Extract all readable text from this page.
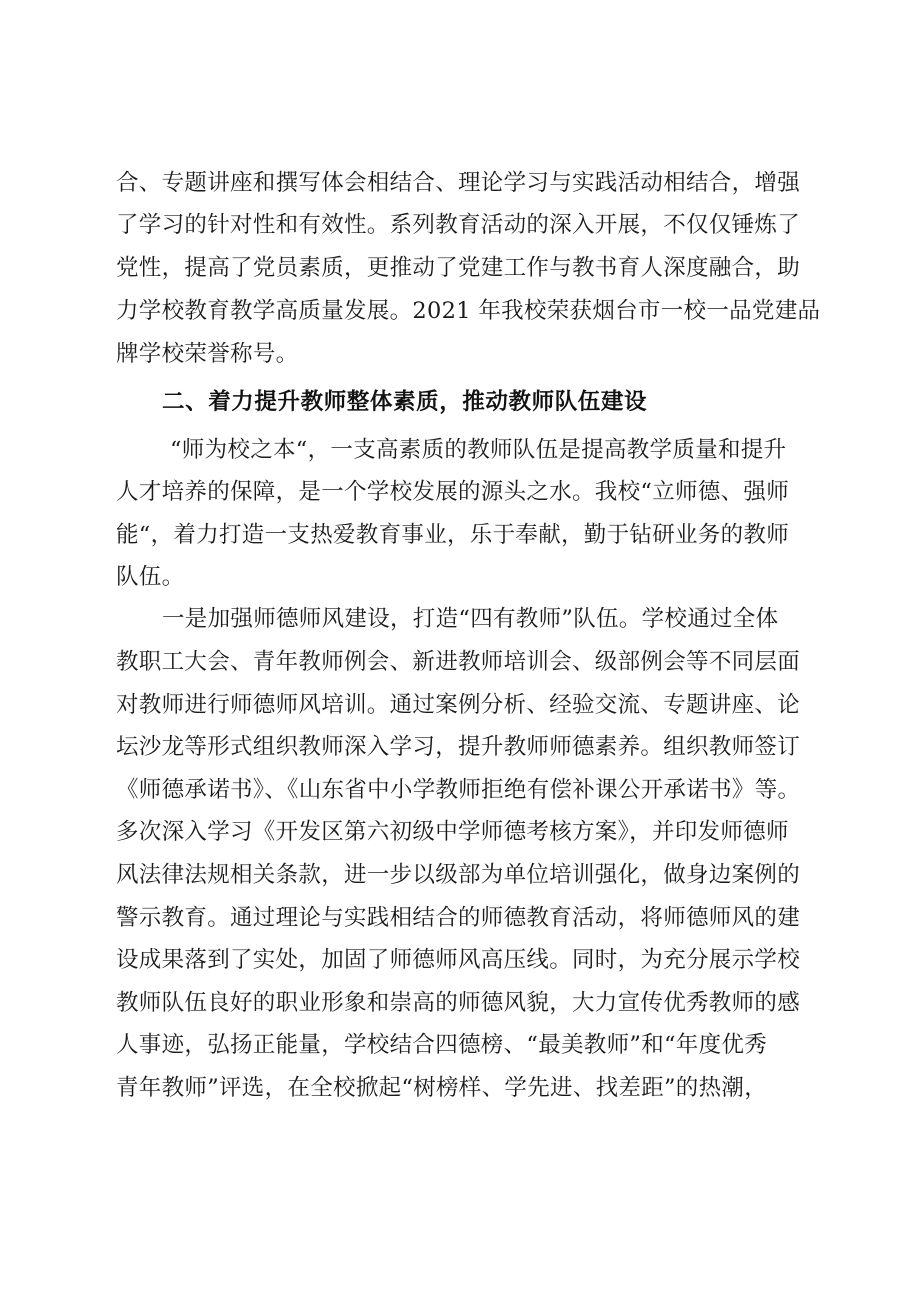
合、专题讲座和撰写体会相结合、理论学习与实践活动相结合，增强
了学习的针对性和有效性。系列教育活动的深入开展，不仅仅锤炼了
党性，提高了党员素质，更推动了党建工作与教书育人深度融合，助
力学校教育教学高质量发展。2021 年我校荣获烟台市一校一品党建品
牌学校荣誉称号。
二、着力提升教师整体素质，推动教师队伍建设
“师为校之本“，一支高素质的教师队伍是提高教学质量和提升
人才培养的保障，是一个学校发展的源头之水。我校“立师德、强师
能“，着力打造一支热爱教育事业，乐于奉献，勤于钻研业务的教师
队伍。
一是加强师德师风建设，打造“四有教师”队伍。学校通过全体
教职工大会、青年教师例会、新进教师培训会、级部例会等不同层面
对教师进行师德师风培训。通过案例分析、经验交流、专题讲座、论
坛沙龙等形式组织教师深入学习，提升教师师德素养。组织教师签订
《师德承诺书》、《山东省中小学教师拒绝有偿补课公开承诺书》等。
多次深入学习《开发区第六初级中学师德考核方案》，并印发师德师
风法律法规相关条款，进一步以级部为单位培训强化，做身边案例的
警示教育。通过理论与实践相结合的师德教育活动，将师德师风的建
设成果落到了实处，加固了师德师风高压线。同时，为充分展示学校
教师队伍良好的职业形象和崇高的师德风貌，大力宣传优秀教师的感
人事迹，弘扬正能量，学校结合四德榜、“最美教师”和“年度优秀
青年教师”评选，在全校掀起“树榜样、学先进、找差距”的热潮，
